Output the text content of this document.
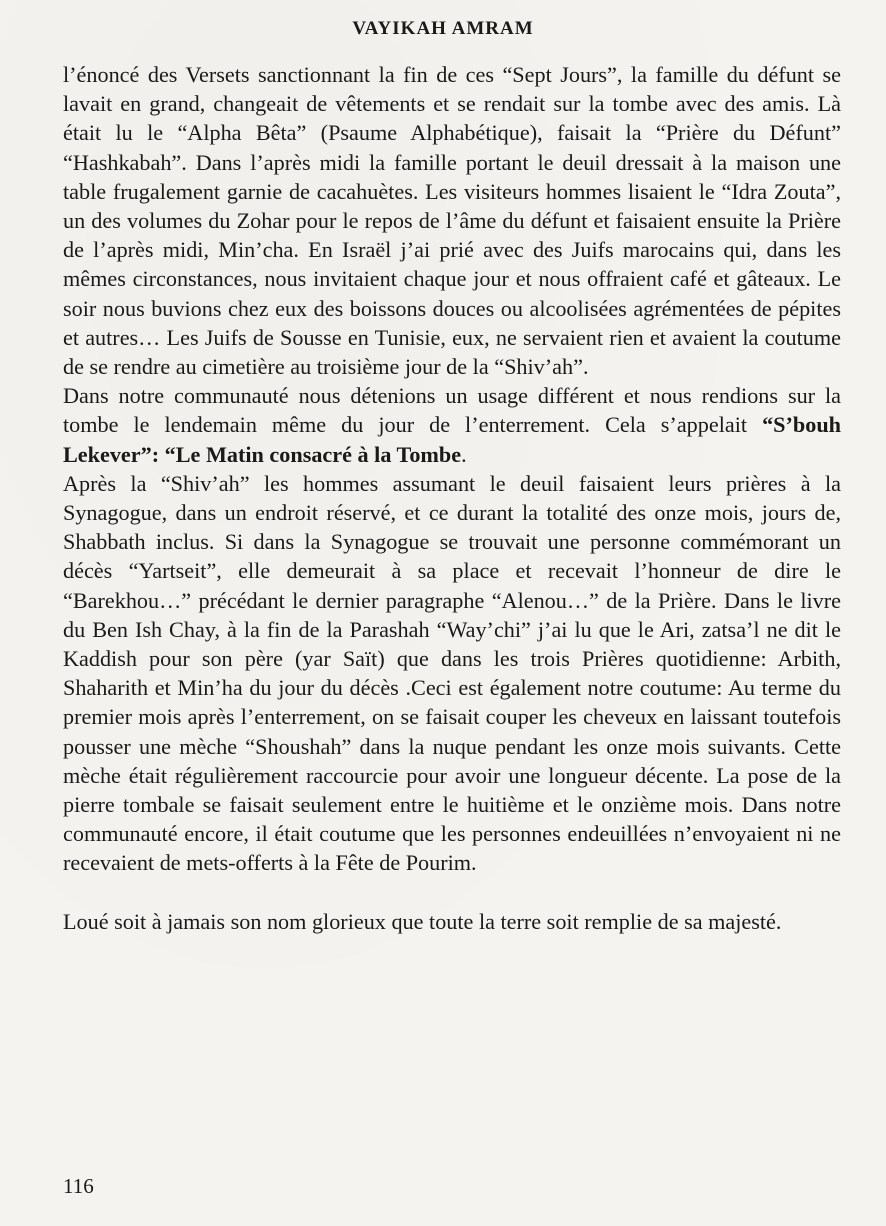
VAYIKAH AMRAM

l’énoncé des Versets sanctionnant la fin de ces “Sept Jours”, la famille du défunt se lavait en grand, changeait de vêtements et se rendait sur la tombe avec des amis. Là était lu le “Alpha Bêta” (Psaume Alphabétique), faisait la “Prière du Défunt” “Hashkabah”. Dans l’après midi la famille portant le deuil dressait à la maison une table frugalement garnie de cacahuètes. Les visiteurs hommes lisaient le “Idra Zouta”, un des volumes du Zohar pour le repos de l’âme du défunt et faisaient ensuite la Prière de l’après midi, Min’cha. En Israël j’ai prié avec des Juifs marocains qui, dans les mêmes circonstances, nous invitaient chaque jour et nous offraient café et gâteaux. Le soir nous buvions chez eux des boissons douces ou alcoolisées agrémentées de pépites et autres… Les Juifs de Sousse en Tunisie, eux, ne servaient rien et avaient la coutume de se rendre au cimetière au troisième jour de la “Shiv’ah”.

Dans notre communauté nous détenions un usage différent et nous rendions sur la tombe le lendemain même du jour de l’enterrement. Cela s’appelait “S’bouh Lekever”: “Le Matin consacré à la Tombe.

Après la “Shiv’ah” les hommes assumant le deuil faisaient leurs prières à la Synagogue, dans un endroit réservé, et ce durant la totalité des onze mois, jours de, Shabbath inclus. Si dans la Synagogue se trouvait une personne commémorant un décès “Yartseit”, elle demeurait à sa place et recevait l’honneur de dire le “Barekhou…” précédant le dernier paragraphe “Alenou…” de la Prière. Dans le livre du Ben Ish Chay, à la fin de la Parashah “Way’chi” j’ai lu que le Ari, zatsa’l ne dit le Kaddish pour son père (yar Saït) que dans les trois Prières quotidienne: Arbith, Shaharith et Min’ha du jour du décès .Ceci est également notre coutume: Au terme du premier mois après l’enterrement, on se faisait couper les cheveux en laissant toutefois pousser une mèche “Shoushah” dans la nuque pendant les onze mois suivants. Cette mèche était régulièrement raccourcie pour avoir une longueur décente. La pose de la pierre tombale se faisait seulement entre le huitième et le onzième mois. Dans notre communauté encore, il était coutume que les personnes endeuillées n’envoyaient ni ne recevaient de mets-offerts à la Fête de Pourim.

Loué soit à jamais son nom glorieux que toute la terre soit remplie de sa majesté.

116
